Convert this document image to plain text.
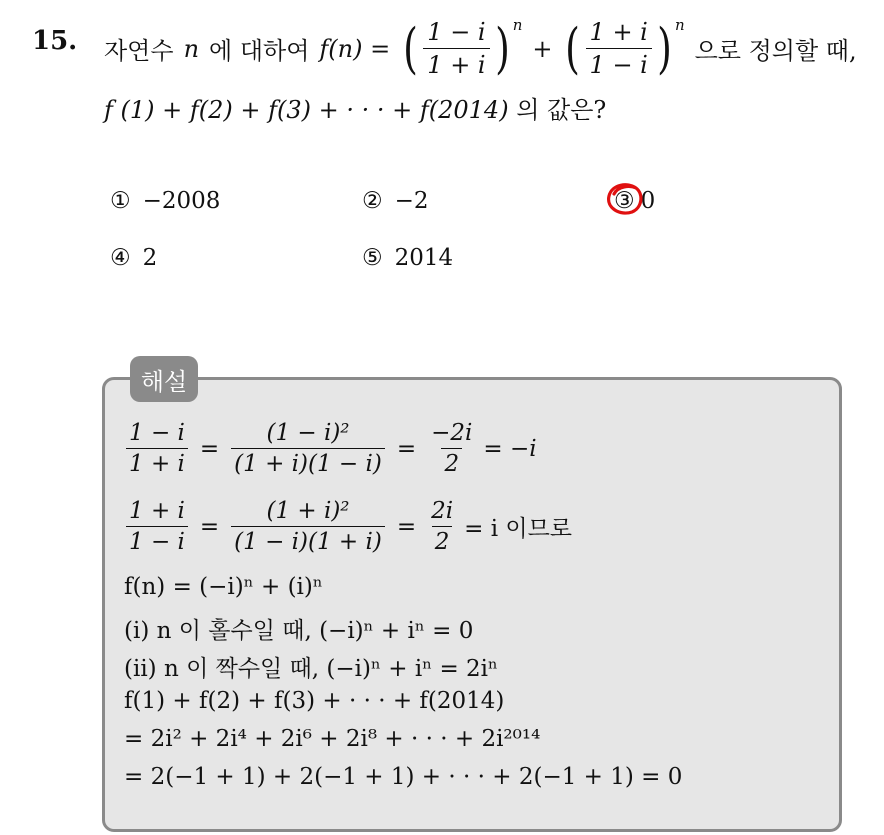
15. 자연수 n 에 대하여 f(n) = ( $\frac{1 - i}{1 + i}$ ) n
+ ( $\frac{1 + i}{1 - i}$ ) n
으로 정의할 때,
f (1) + f(2) + f(3) + · · · + f(2014) 의 값은?
① −2008	② −2	③ 0
④ 2	⑤ 2014
해설
$\frac{1 - i}{1 + i} = \frac{\text{(1 − i)²}}{(1 + i)(1 - i)} = \frac{-2i}{2} = -i$
$\frac{1 + i}{1 - i} = \frac{\text{(1 + i)²}}{(1 - i)(1 + i)} = \frac{2i}{2} = i$ 이므로
f(n) = (−i)ⁿ + (i)ⁿ
(i) n 이 홀수일 때, (−i)ⁿ + iⁿ = 0
(ii) n 이 짝수일 때, (−i)ⁿ + iⁿ = 2iⁿ
f(1) + f(2) + f(3) + · · · + f(2014)
= 2i² + 2i⁴ + 2i⁶ + 2i⁸ + · · · + 2i²⁰¹⁴
= 2(−1 + 1) + 2(−1 + 1) + · · · + 2(−1 + 1) = 0
